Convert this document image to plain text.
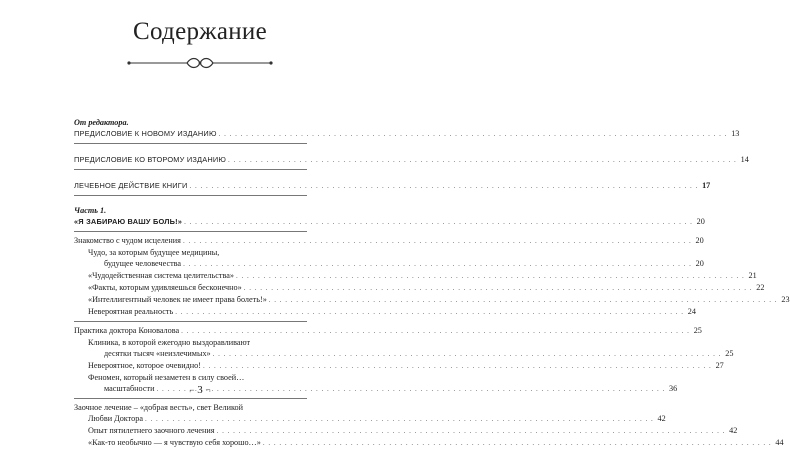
Содержание
От редактора.
ПРЕДИСЛОВИЕ К НОВОМУ ИЗДАНИЮ . . .	13
ПРЕДИСЛОВИЕ КО ВТОРОМУ ИЗДАНИЮ . . .	14
ЛЕЧЕБНОЕ ДЕЙСТВИЕ КНИГИ . . .	17
Часть 1.
«Я ЗАБИРАЮ ВАШУ БОЛЬ!» . . .	20
Знакомство с чудом исцеления . . .	20
Чудо, за которым будущее медицины,
будущее человечества . . .	20
«Чудодейственная система целительства» . . .	21
«Факты, которым удивляешься бесконечно» . . .	22
«Интеллигентный человек не имеет права болеть!» . . .	23
Невероятная реальность . . .	24
Практика доктора Коновалова . . .	25
Клиника, в которой ежегодно выздоравливают
десятки тысяч «неизлечимых» . . .	25
Невероятное, которое очевидно! . . .	27
Феномен, который незаметен в силу своей…
масштабности . . .	36
Заочное лечение – «добрая весть», свет Великой
Любви Доктора . . .	42
Опыт пятилетнего заочного лечения . . .	42
«Как-то необычно — я чувствую себя хорошо…» . . .	44
⌐ 3 ¬
